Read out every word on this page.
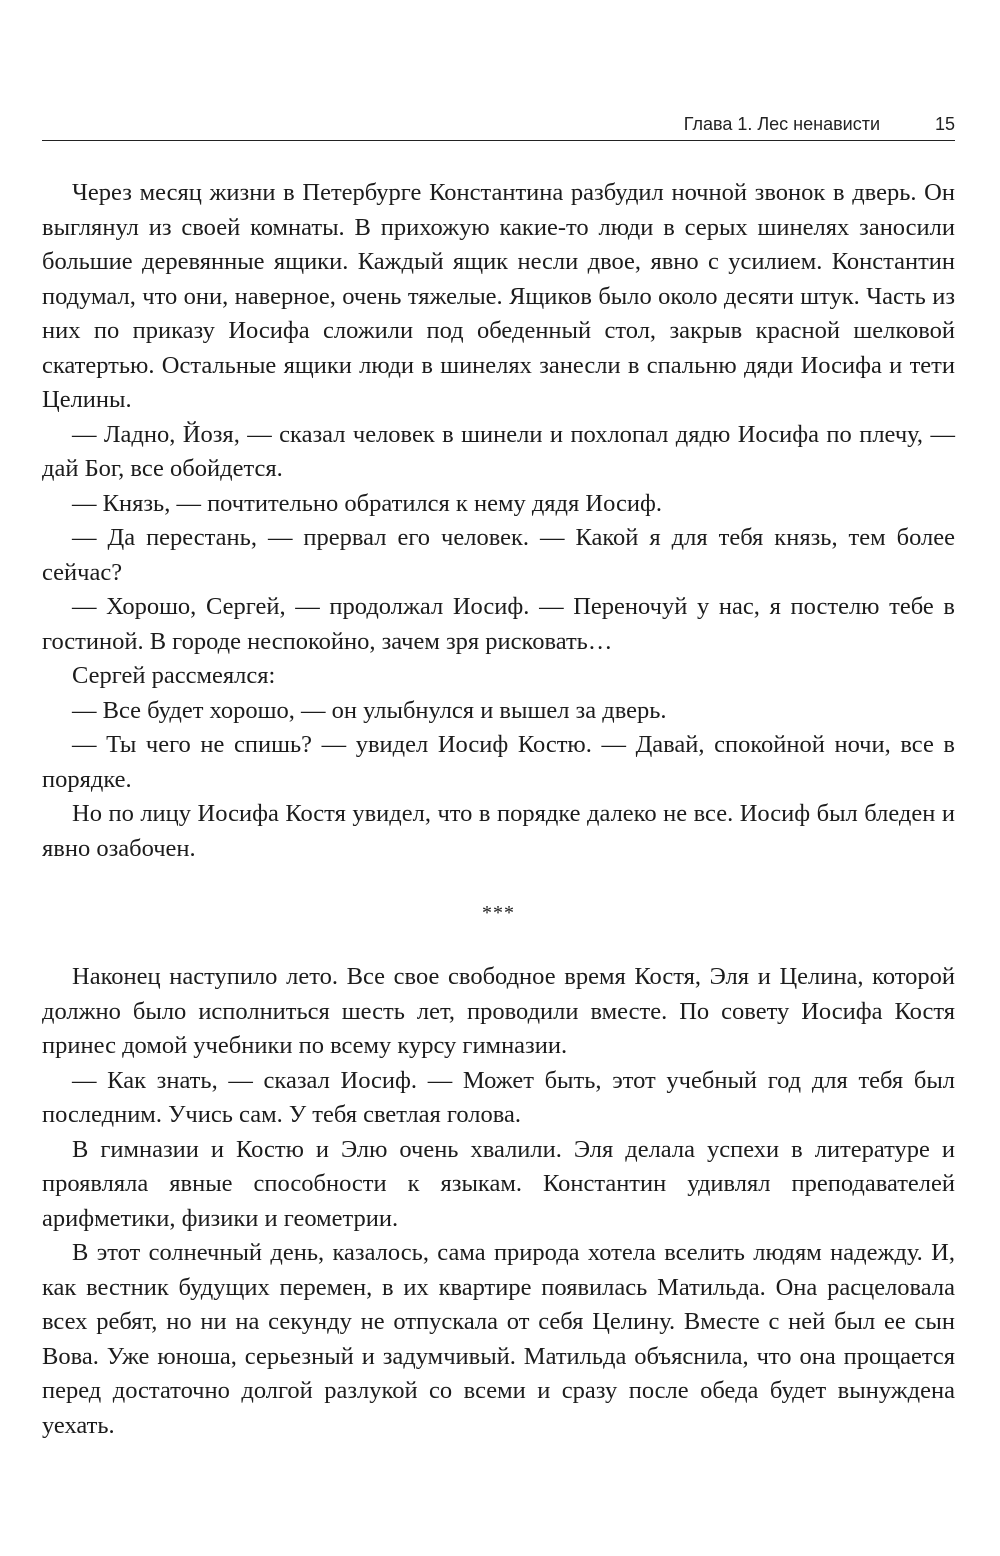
Глава 1. Лес ненависти	15

Через месяц жизни в Петербурге Константина разбудил ночной звонок в дверь. Он выглянул из своей комнаты. В прихожую какие-то люди в серых шинелях заносили большие деревянные ящики. Каждый ящик несли двое, явно с усилием. Константин подумал, что они, наверное, очень тяжелые. Ящиков было около десяти штук. Часть из них по приказу Иосифа сложили под обеденный стол, закрыв красной шелковой скатертью. Остальные ящики люди в шинелях занесли в спальню дяди Иосифа и тети Целины.

— Ладно, Йозя, — сказал человек в шинели и похлопал дядю Иосифа по плечу, — дай Бог, все обойдется.

— Князь, — почтительно обратился к нему дядя Иосиф.

— Да перестань, — прервал его человек. — Какой я для тебя князь, тем более сейчас?

— Хорошо, Сергей, — продолжал Иосиф. — Переночуй у нас, я постелю тебе в гостиной. В городе неспокойно, зачем зря рисковать…

Сергей рассмеялся:

— Все будет хорошо, — он улыбнулся и вышел за дверь.

— Ты чего не спишь? — увидел Иосиф Костю. — Давай, спокойной ночи, все в порядке.

Но по лицу Иосифа Костя увидел, что в порядке далеко не все. Иосиф был бледен и явно озабочен.

***

Наконец наступило лето. Все свое свободное время Костя, Эля и Целина, которой должно было исполниться шесть лет, проводили вместе. По совету Иосифа Костя принес домой учебники по всему курсу гимназии.

— Как знать, — сказал Иосиф. — Может быть, этот учебный год для тебя был последним. Учись сам. У тебя светлая голова.

В гимназии и Костю и Элю очень хвалили. Эля делала успехи в литературе и проявляла явные способности к языкам. Константин удивлял преподавателей арифметики, физики и геометрии.

В этот солнечный день, казалось, сама природа хотела вселить людям надежду. И, как вестник будущих перемен, в их квартире появилась Матильда. Она расцеловала всех ребят, но ни на секунду не отпускала от себя Целину. Вместе с ней был ее сын Вова. Уже юноша, серьезный и задумчивый. Матильда объяснила, что она прощается перед достаточно долгой разлукой со всеми и сразу после обеда будет вынуждена уехать.
